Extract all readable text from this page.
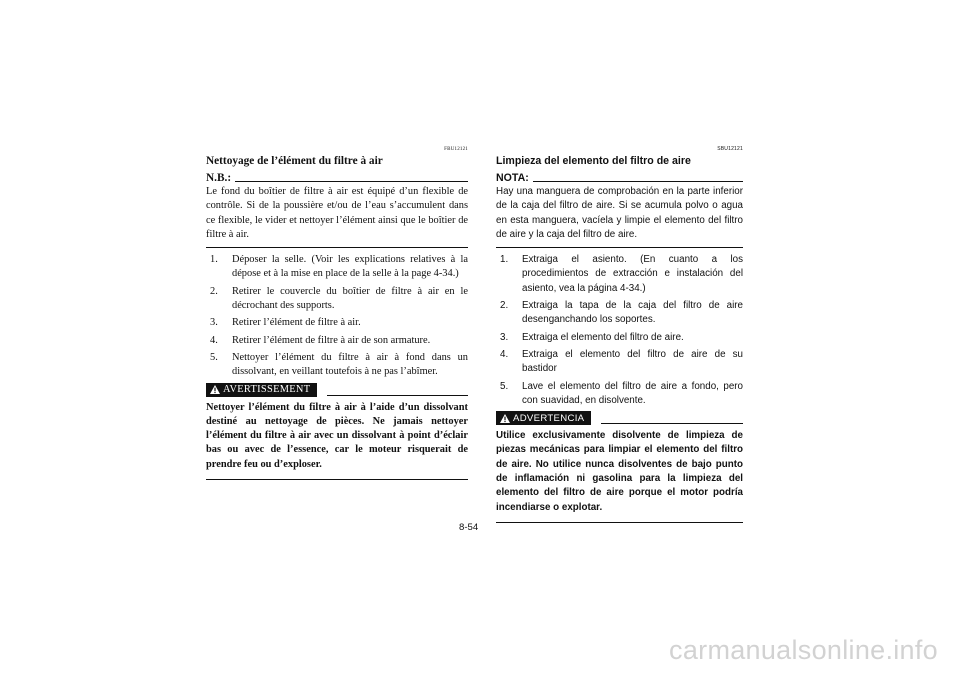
FBU12121
Nettoyage de l’élément du filtre à air
N.B.:
Le fond du boîtier de filtre à air est équipé d’un flexible de contrôle. Si de la poussière et/ou de l’eau s’accumulent dans ce flexible, le vider et nettoyer l’élément ainsi que le boîtier de filtre à air.
1.	Déposer la selle. (Voir les explications relatives à la dépose et à la mise en place de la selle à la page 4-34.)
2.	Retirer le couvercle du boîtier de filtre à air en le décrochant des supports.
3.	Retirer l’élément de filtre à air.
4.	Retirer l’élément de filtre à air de son armature.
5.	Nettoyer l’élément du filtre à air à fond dans un dissolvant, en veillant toutefois à ne pas l’abîmer.
AVERTISSEMENT
Nettoyer l’élément du filtre à air à l’aide d’un dissolvant destiné au nettoyage de pièces. Ne jamais nettoyer l’élément du filtre à air avec un dissolvant à point d’éclair bas ou avec de l’essence, car le moteur risquerait de prendre feu ou d’exploser.
SBU12121
Limpieza del elemento del filtro de aire
NOTA:
Hay una manguera de comprobación en la parte inferior de la caja del filtro de aire. Si se acumula polvo o agua en esta manguera, vacíela y limpie el elemento del filtro de aire y la caja del filtro de aire.
1.	Extraiga el asiento. (En cuanto a los procedimientos de extracción e instalación del asiento, vea la página 4-34.)
2.	Extraiga la tapa de la caja del filtro de aire desenganchando los soportes.
3.	Extraiga el elemento del filtro de aire.
4.	Extraiga el elemento del filtro de aire de su bastidor
5.	Lave el elemento del filtro de aire a fondo, pero con suavidad, en disolvente.
ADVERTENCIA
Utilice exclusivamente disolvente de limpieza de piezas mecánicas para limpiar el elemento del filtro de aire. No utilice nunca disolventes de bajo punto de inflamación ni gasolina para la limpieza del elemento del filtro de aire porque el motor podría incendiarse o explotar.
8-54
carmanualsonline.info
